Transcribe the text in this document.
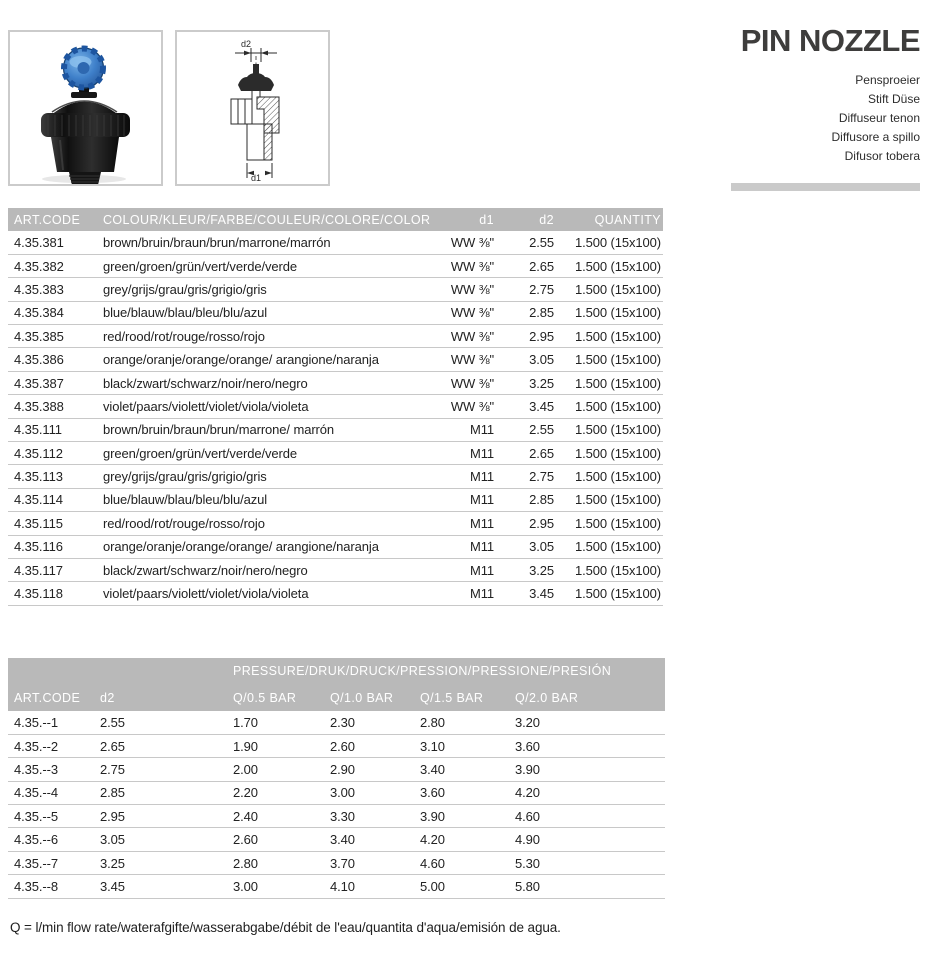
d2
d1
PIN NOZZLE
Pensproeier
Stift Düse
Diffuseur tenon
Diffusore a spillo
Difusor tobera
ART.CODE	COLOUR/KLEUR/FARBE/COULEUR/COLORE/COLOR	d1	d2	QUANTITY
4.35.381	brown/bruin/braun/brun/marrone/marrón	WW ⅜"	2.55	1.500 (15x100)
4.35.382	green/groen/grün/vert/verde/verde	WW ⅜"	2.65	1.500 (15x100)
4.35.383	grey/grijs/grau/gris/grigio/gris	WW ⅜"	2.75	1.500 (15x100)
4.35.384	blue/blauw/blau/bleu/blu/azul	WW ⅜"	2.85	1.500 (15x100)
4.35.385	red/rood/rot/rouge/rosso/rojo	WW ⅜"	2.95	1.500 (15x100)
4.35.386	orange/oranje/orange/orange/ arangione/naranja	WW ⅜"	3.05	1.500 (15x100)
4.35.387	black/zwart/schwarz/noir/nero/negro	WW ⅜"	3.25	1.500 (15x100)
4.35.388	violet/paars/violett/violet/viola/violeta	WW ⅜"	3.45	1.500 (15x100)
4.35.111	brown/bruin/braun/brun/marrone/ marrón	M11	2.55	1.500 (15x100)
4.35.112	green/groen/grün/vert/verde/verde	M11	2.65	1.500 (15x100)
4.35.113	grey/grijs/grau/gris/grigio/gris	M11	2.75	1.500 (15x100)
4.35.114	blue/blauw/blau/bleu/blu/azul	M11	2.85	1.500 (15x100)
4.35.115	red/rood/rot/rouge/rosso/rojo	M11	2.95	1.500 (15x100)
4.35.116	orange/oranje/orange/orange/ arangione/naranja	M11	3.05	1.500 (15x100)
4.35.117	black/zwart/schwarz/noir/nero/negro	M11	3.25	1.500 (15x100)
4.35.118	violet/paars/violett/violet/viola/violeta	M11	3.45	1.500 (15x100)
		PRESSURE/DRUK/DRUCK/PRESSION/PRESSIONE/PRESIÓN			
ART.CODE	d2	Q/0.5 BAR	Q/1.0 BAR	Q/1.5 BAR	Q/2.0 BAR
4.35.--1	2.55	1.70	2.30	2.80	3.20
4.35.--2	2.65	1.90	2.60	3.10	3.60
4.35.--3	2.75	2.00	2.90	3.40	3.90
4.35.--4	2.85	2.20	3.00	3.60	4.20
4.35.--5	2.95	2.40	3.30	3.90	4.60
4.35.--6	3.05	2.60	3.40	4.20	4.90
4.35.--7	3.25	2.80	3.70	4.60	5.30
4.35.--8	3.45	3.00	4.10	5.00	5.80
Q = l/min flow rate/waterafgifte/wasserabgabe/débit de l'eau/quantita d'aqua/emisión de agua.
